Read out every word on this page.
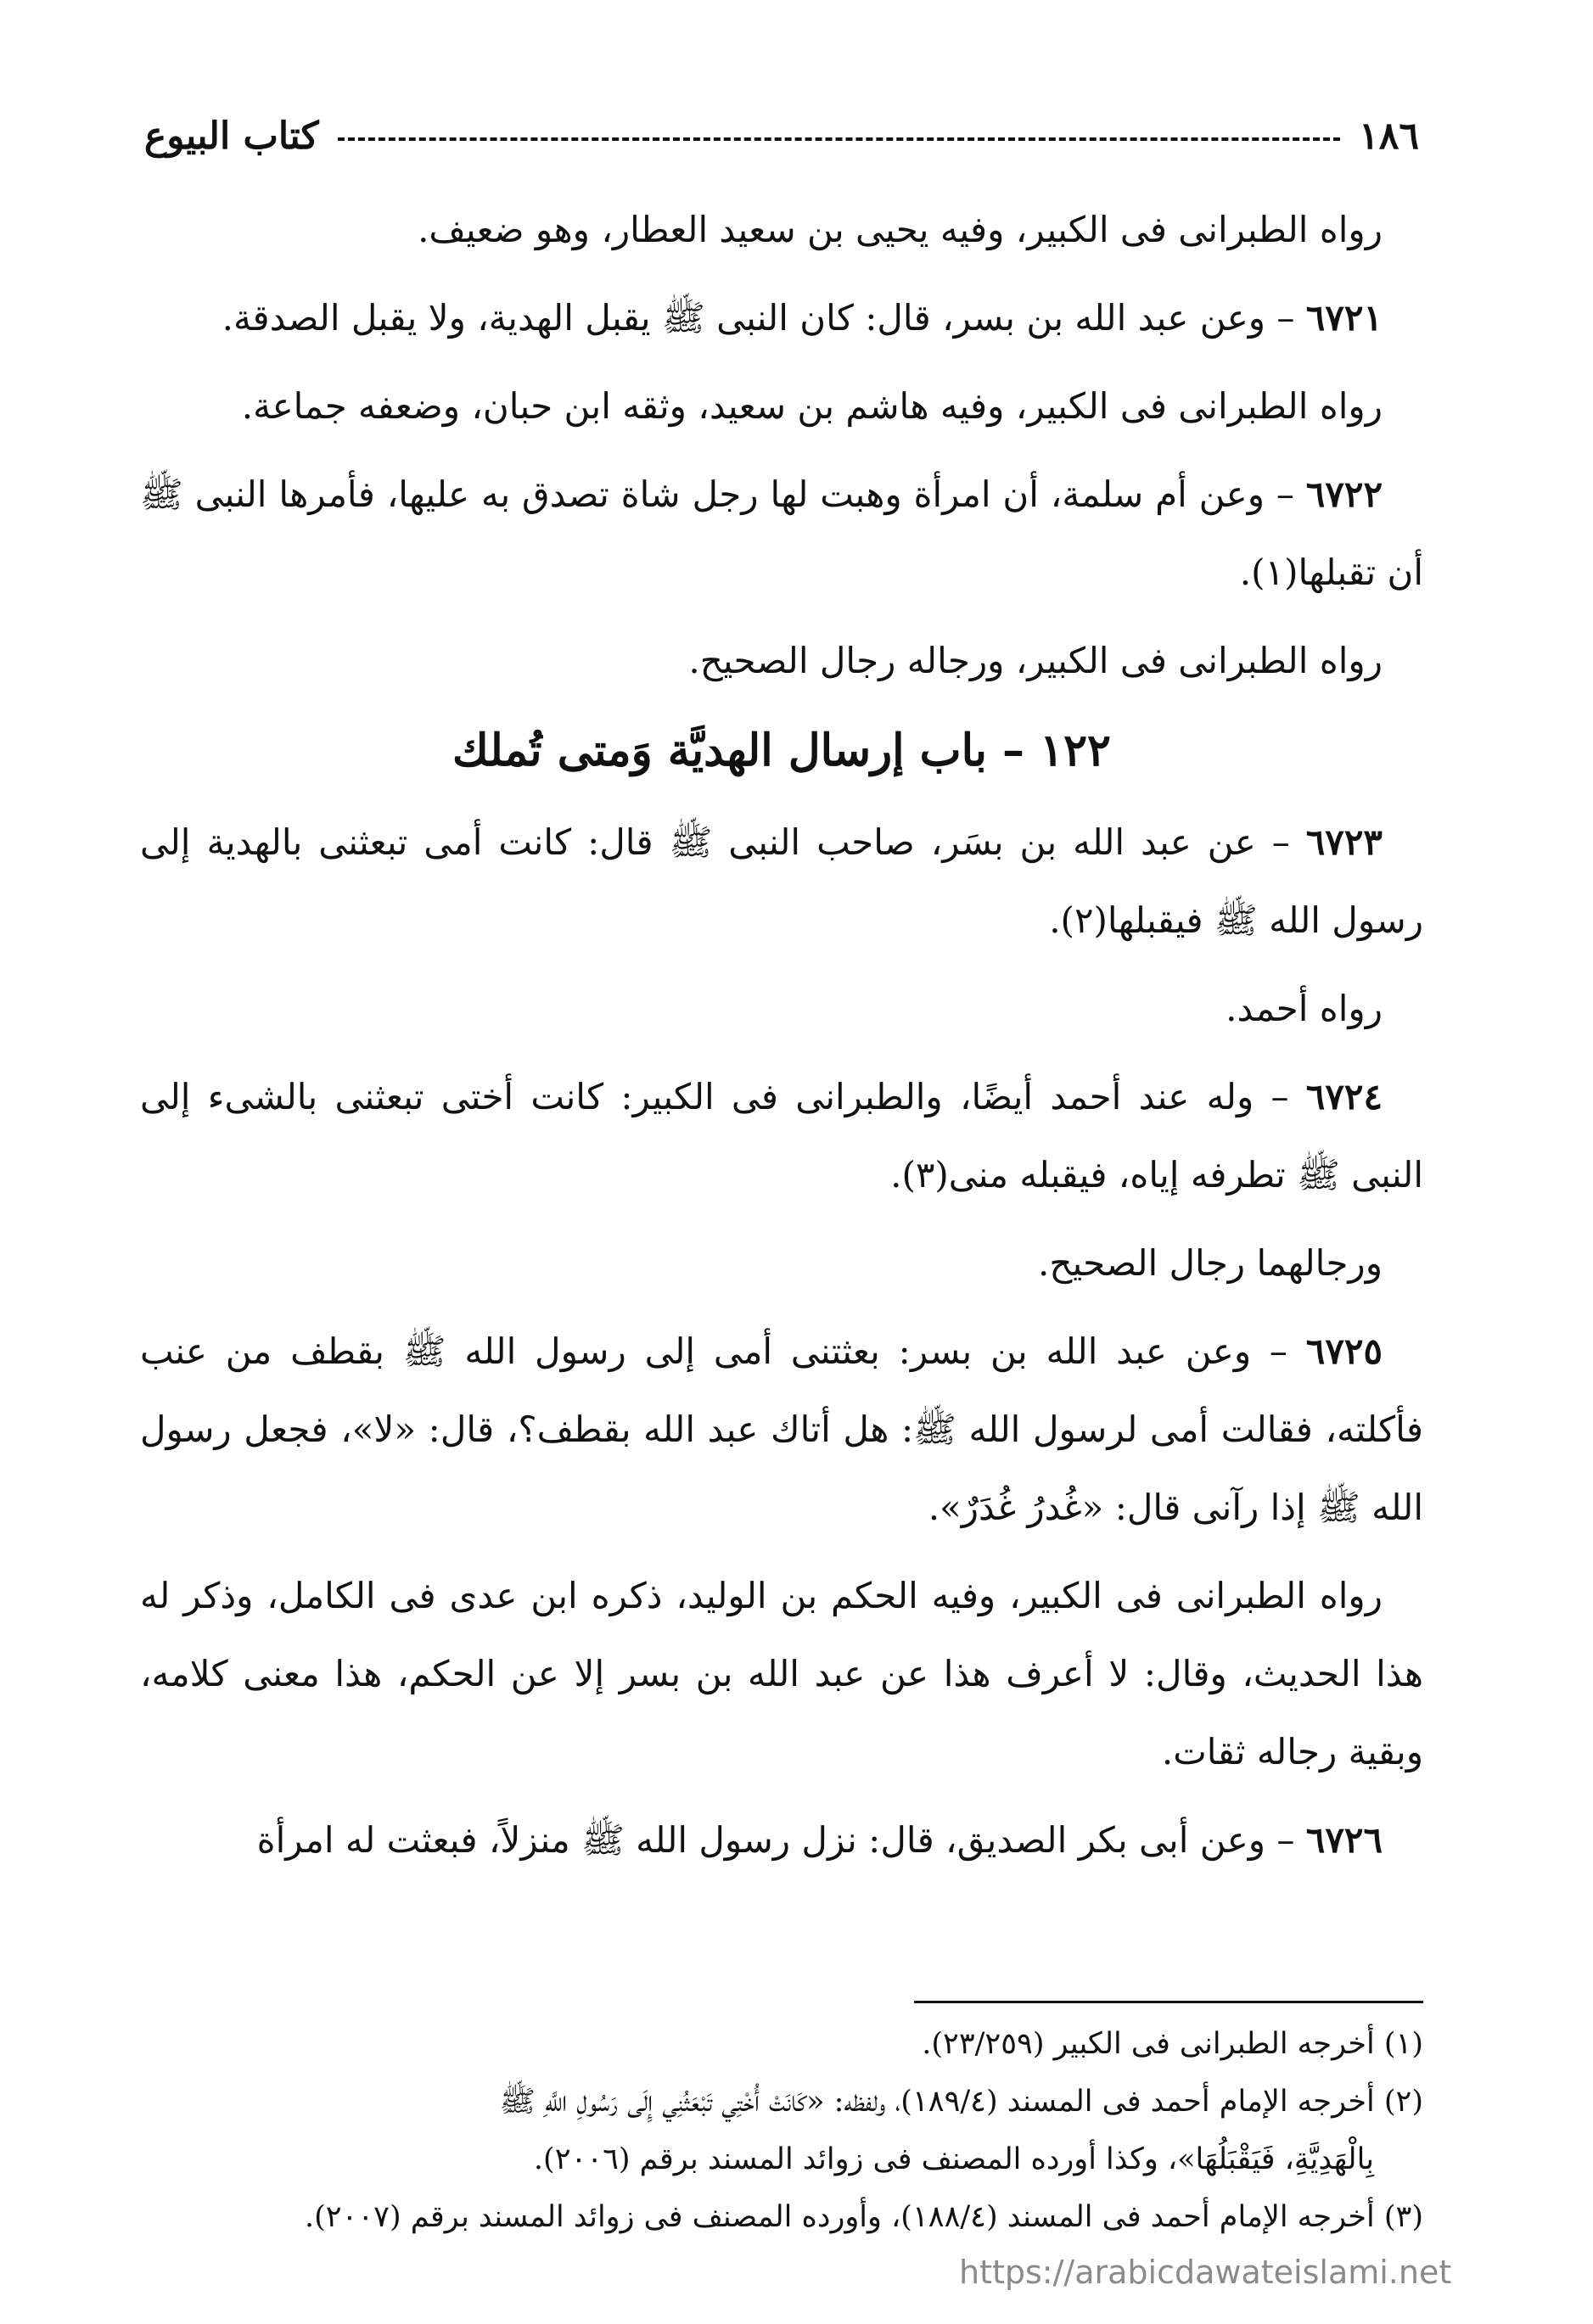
١٨٦
كتاب البيوع

رواه الطبرانى فى الكبير، وفيه يحيى بن سعيد العطار، وهو ضعيف.

٦٧٢١ – وعن عبد الله بن بسر، قال: كان النبى ﷺ يقبل الهدية، ولا يقبل الصدقة.

رواه الطبرانى فى الكبير، وفيه هاشم بن سعيد، وثقه ابن حبان، وضعفه جماعة.

٦٧٢٢ – وعن أم سلمة، أن امرأة وهبت لها رجل شاة تصدق به عليها، فأمرها النبى ﷺ أن تقبلها(١).

رواه الطبرانى فى الكبير، ورجاله رجال الصحيح.

١٢٢ – باب إرسال الهديَّة وَمتى تُملك

٦٧٢٣ – عن عبد الله بن بسَر، صاحب النبى ﷺ قال: كانت أمى تبعثنى بالهدية إلى رسول الله ﷺ فيقبلها(٢).

رواه أحمد.

٦٧٢٤ – وله عند أحمد أيضًا، والطبرانى فى الكبير: كانت أختى تبعثنى بالشىء إلى النبى ﷺ تطرفه إياه، فيقبله منى(٣).

ورجالهما رجال الصحيح.

٦٧٢٥ – وعن عبد الله بن بسر: بعثتنى أمى إلى رسول الله ﷺ بقطف من عنب فأكلته، فقالت أمى لرسول الله ﷺ: هل أتاك عبد الله بقطف؟، قال: «لا»، فجعل رسول الله ﷺ إذا رآنى قال: «غُدرُ غُدَرٌ».

رواه الطبرانى فى الكبير، وفيه الحكم بن الوليد، ذكره ابن عدى فى الكامل، وذكر له هذا الحديث، وقال: لا أعرف هذا عن عبد الله بن بسر إلا عن الحكم، هذا معنى كلامه، وبقية رجاله ثقات.

٦٧٢٦ – وعن أبى بكر الصديق، قال: نزل رسول الله ﷺ منزلاً، فبعثت له امرأة

(١) أخرجه الطبرانى فى الكبير (٢٣/٢٥٩).

(٢) أخرجه الإمام أحمد فى المسند (١٨٩/٤)، ولفظه: «كَانَتْ أُخْتِي تَبْعَثُنِي إِلَى رَسُولِ اللَّهِ ﷺ

بِالْهَدِيَّةِ، فَيَقْبَلُهَا»، وكذا أورده المصنف فى زوائد المسند برقم (٢٠٠٦).

(٣) أخرجه الإمام أحمد فى المسند (١٨٨/٤)، وأورده المصنف فى زوائد المسند برقم (٢٠٠٧).

https://arabicdawateislami.net
